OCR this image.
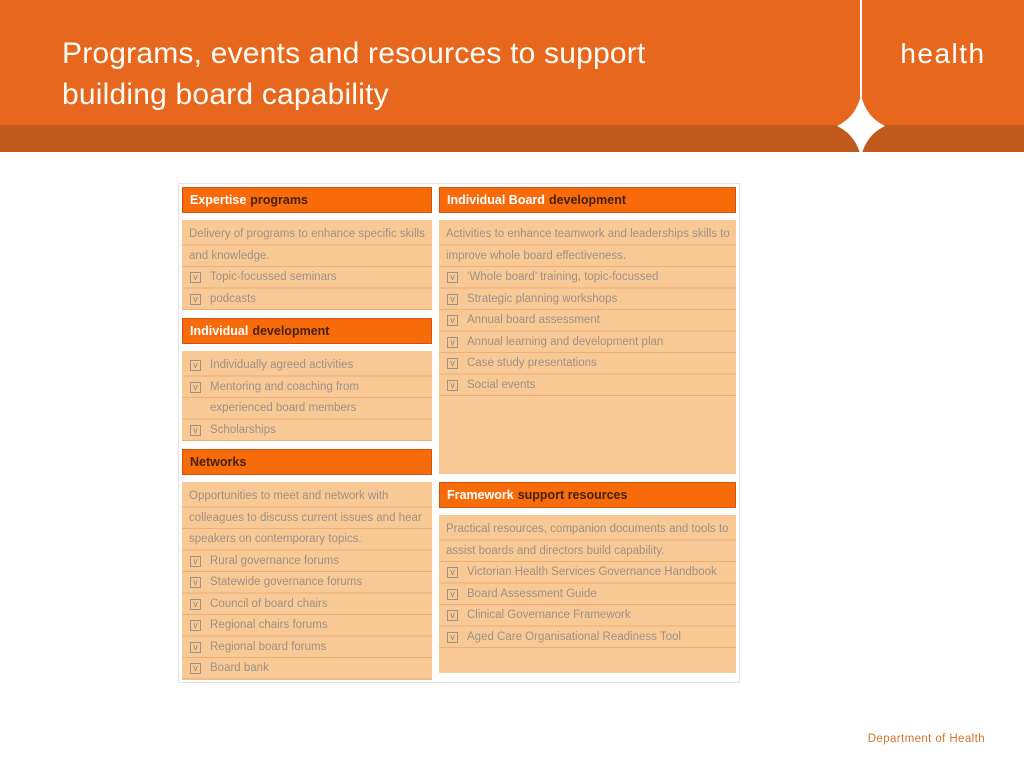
Programs, events and resources to support building board capability
health
Expertise programs

Delivery of programs to enhance specific skills and knowledge.

v Topic-focussed seminars
v podcasts
Individual development
v Individually agreed activities
v Mentoring and coaching from experienced board members
v Scholarships
Networks

Opportunities to meet and network with colleagues to discuss current issues and hear speakers on contemporary topics.

v Rural governance forums
v Statewide governance forums
v Council of board chairs
v Regional chairs forums
v Regional board forums
v Board bank
Individual Board development

Activities to enhance teamwork and leaderships skills to improve whole board effectiveness.

v ‘Whole board’ training, topic-focussed
v Strategic planning workshops
v Annual board assessment
v Annual learning and development plan
v Case study presentations
v Social events
Framework support resources

Practical resources, companion documents and tools to assist boards and directors build capability.

v Victorian Health Services Governance Handbook
v Board Assessment Guide
v Clinical Governance Framework
v Aged Care Organisational Readiness Tool
Department of Health
